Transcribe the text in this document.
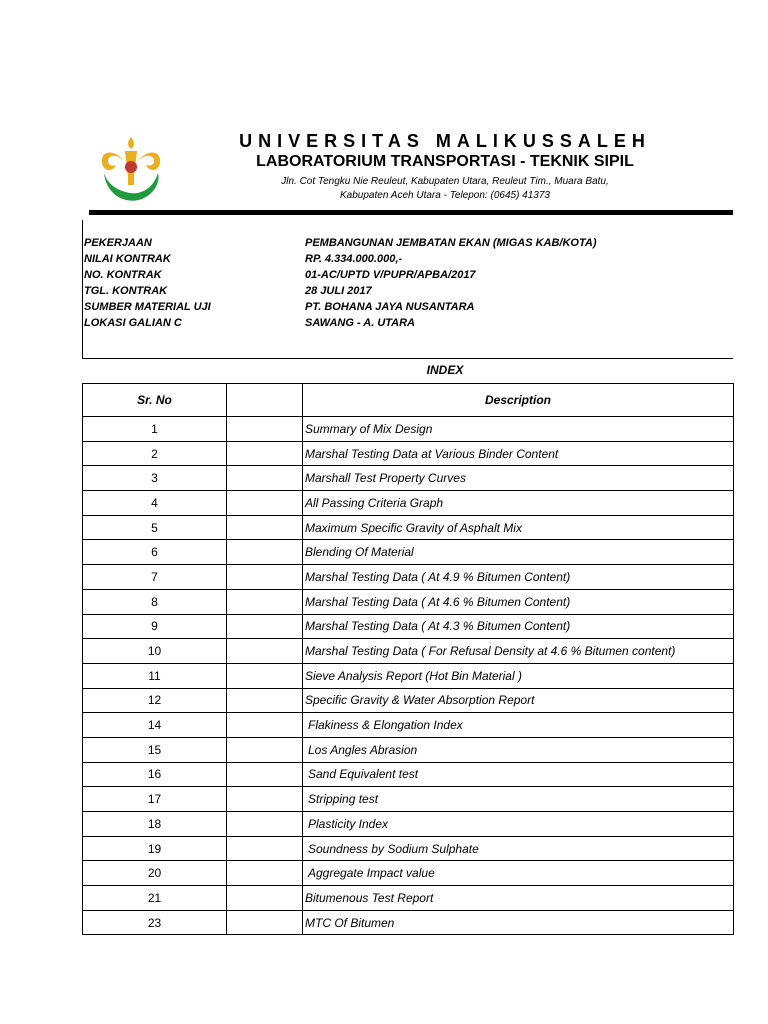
UNIVERSITAS MALIKUSSALEH
LABORATORIUM TRANSPORTASI - TEKNIK SIPIL
Jln. Cot Tengku Nie Reuleut, Kabupaten Utara, Reuleut Tim., Muara Batu,
Kabupaten Aceh Utara - Telepon: (0645) 41373
PEKERJAAN	PEMBANGUNAN JEMBATAN EKAN (MIGAS KAB/KOTA)
NILAI KONTRAK	RP. 4.334.000.000,-
NO. KONTRAK	01-AC/UPTD V/PUPR/APBA/2017
TGL. KONTRAK	28 JULI 2017
SUMBER MATERIAL UJI	PT. BOHANA JAYA NUSANTARA
LOKASI GALIAN C	SAWANG - A. UTARA
INDEX
Sr. No		Description
1		Summary of Mix Design
2		Marshal Testing Data at Various Binder Content
3		Marshall Test Property Curves
4		All Passing Criteria Graph
5		Maximum Specific Gravity of Asphalt Mix
6		Blending Of Material
7		Marshal Testing Data ( At 4.9 % Bitumen Content)
8		Marshal Testing Data ( At 4.6 % Bitumen Content)
9		Marshal Testing Data ( At 4.3 % Bitumen Content)
10		Marshal Testing Data ( For Refusal Density at 4.6 % Bitumen content)
11		Sieve Analysis Report (Hot Bin Material )
12		Specific Gravity & Water Absorption Report
14		Flakiness & Elongation Index
15		Los Angles Abrasion
16		Sand Equivalent test
17		Stripping test
18		Plasticity Index
19		Soundness by Sodium Sulphate
20		Aggregate Impact value
21		Bitumenous Test Report
23		MTC Of Bitumen
